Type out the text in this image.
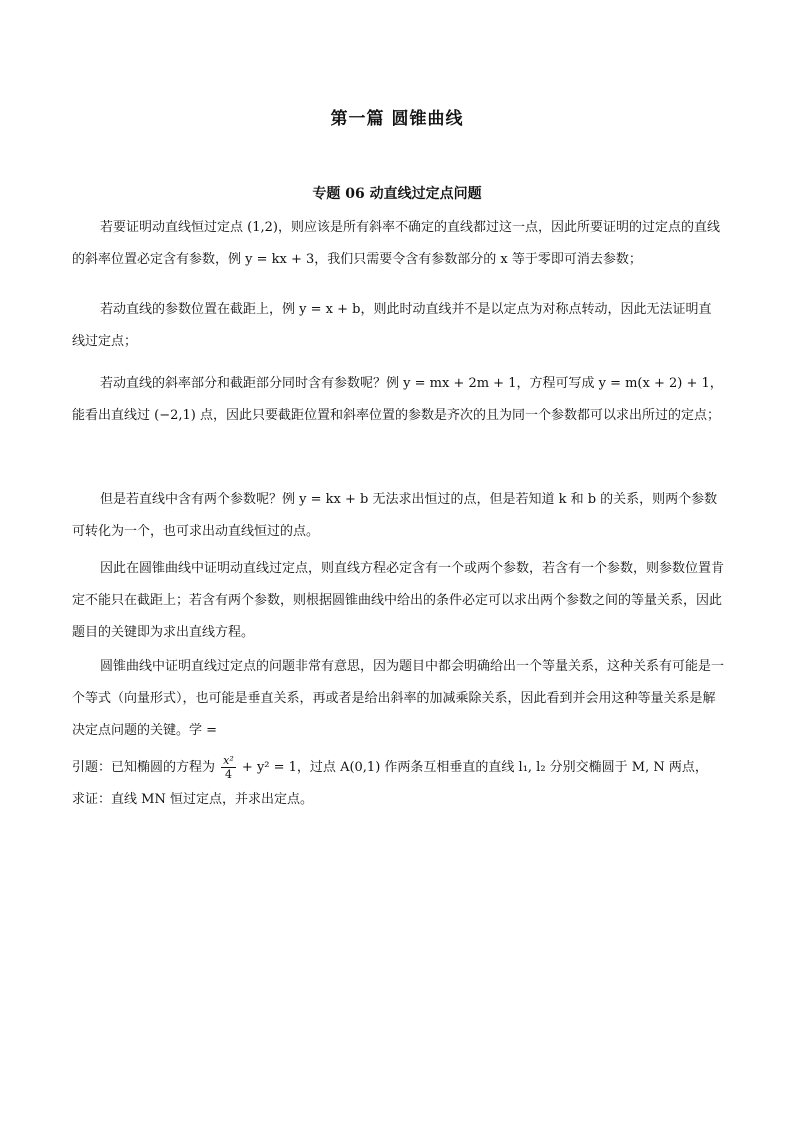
第一篇 圆锥曲线
专题 06 动直线过定点问题
若要证明动直线恒过定点 (1,2)，则应该是所有斜率不确定的直线都过这一点，因此所要证明的过定点的直线的斜率位置必定含有参数，例 y = kx + 3，我们只需要令含有参数部分的 x 等于零即可消去参数；
若动直线的参数位置在截距上，例 y = x + b，则此时动直线并不是以定点为对称点转动，因此无法证明直线过定点；
若动直线的斜率部分和截距部分同时含有参数呢？例 y = mx + 2m + 1，方程可写成 y = m(x + 2) + 1，能看出直线过 (−2,1) 点，因此只要截距位置和斜率位置的参数是齐次的且为同一个参数都可以求出所过的定点；
但是若直线中含有两个参数呢？例 y = kx + b 无法求出恒过的点，但是若知道 k 和 b 的关系，则两个参数可转化为一个，也可求出动直线恒过的点。
因此在圆锥曲线中证明动直线过定点，则直线方程必定含有一个或两个参数，若含有一个参数，则参数位置肯定不能只在截距上；若含有两个参数，则根据圆锥曲线中给出的条件必定可以求出两个参数之间的等量关系，因此题目的关键即为求出直线方程。
圆锥曲线中证明直线过定点的问题非常有意思，因为题目中都会明确给出一个等量关系，这种关系有可能是一个等式（向量形式），也可能是垂直关系，再或者是给出斜率的加减乘除关系，因此看到并会用这种等量关系是解决定点问题的关键。学 =
引题：已知椭圆的方程为 $\frac{\text{x²}}{4} + y^2 = 1$，过点 A(0,1) 作两条互相垂直的直线 l₁, l₂ 分别交椭圆于 M, N 两点，
求证：直线 MN 恒过定点，并求出定点。
